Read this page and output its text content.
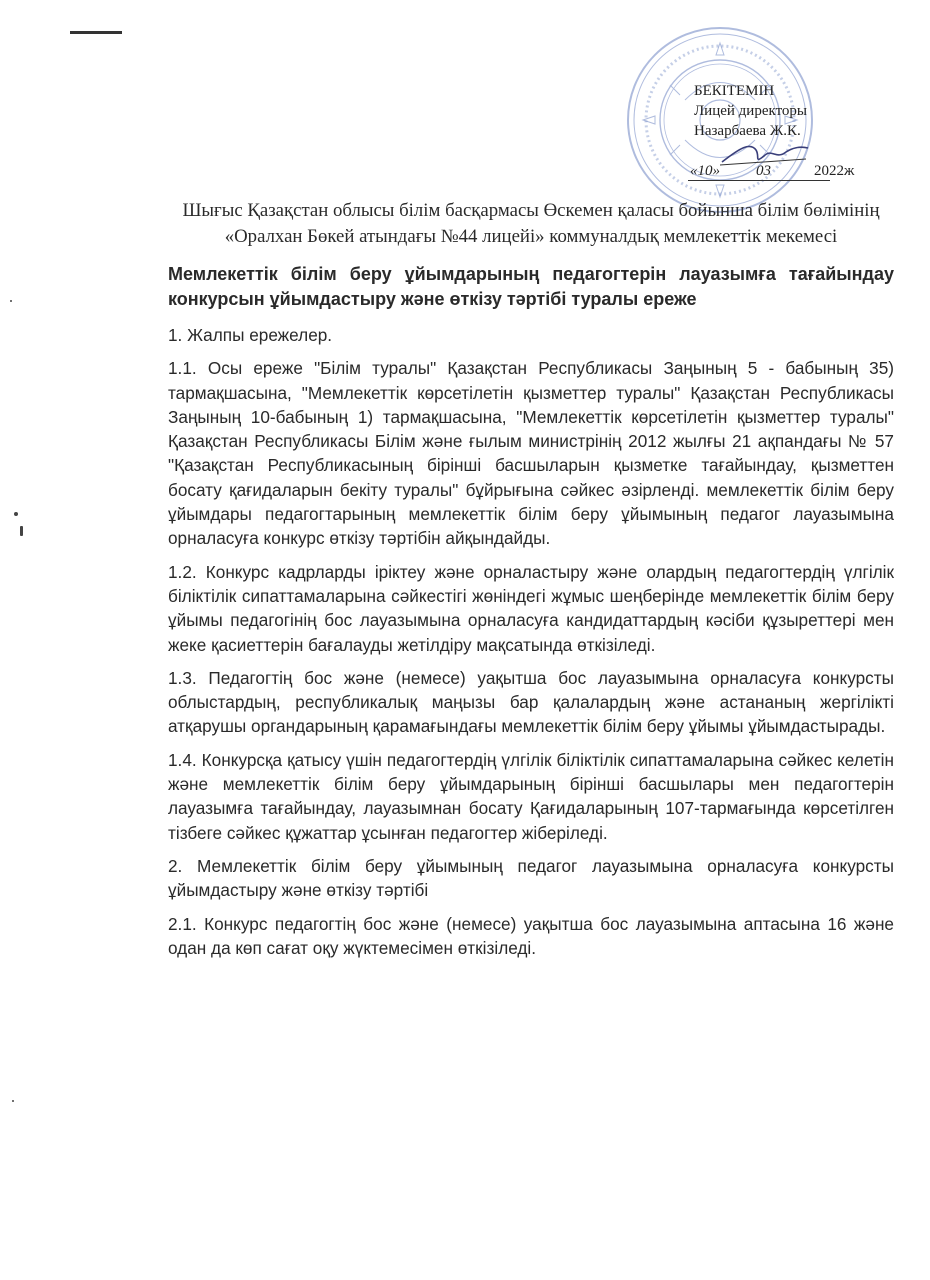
БЕКІТЕМІН
Лицей директоры
Назарбаева Ж.К.
«10» 03	2022ж
Шығыс Қазақстан облысы білім басқармасы Өскемен қаласы бойынша білім бөлімінің «Оралхан Бөкей атындағы №44 лицейі» коммуналдық мемлекеттік мекемесі
Мемлекеттік білім беру ұйымдарының педагогтерін лауазымға тағайындау конкурсын ұйымдастыру және өткізу тәртібі туралы ереже

1. Жалпы ережелер.

1.1. Осы ереже "Білім туралы" Қазақстан Республикасы Заңының 5 - бабының 35) тармақшасына, "Мемлекеттік көрсетілетін қызметтер туралы" Қазақстан Республикасы Заңының 10-бабының 1) тармақшасына, "Мемлекеттік көрсетілетін қызметтер туралы" Қазақстан Республикасы Білім және ғылым министрінің 2012 жылғы 21 ақпандағы № 57 "Қазақстан Республикасының бірінші басшыларын қызметке тағайындау, қызметтен босату қағидаларын бекіту туралы" бұйрығына сәйкес әзірленді. мемлекеттік білім беру ұйымдары педагогтарының мемлекеттік білім беру ұйымының педагог лауазымына орналасуға конкурс өткізу тәртібін айқындайды.

1.2. Конкурс кадрларды іріктеу және орналастыру және олардың педагогтердің үлгілік біліктілік сипаттамаларына сәйкестігі жөніндегі жұмыс шеңберінде мемлекеттік білім беру ұйымы педагогінің бос лауазымына орналасуға кандидаттардың кәсіби құзыреттері мен жеке қасиеттерін бағалауды жетілдіру мақсатында өткізіледі.

1.3. Педагогтің бос және (немесе) уақытша бос лауазымына орналасуға конкурсты облыстардың, республикалық маңызы бар қалалардың және астананың жергілікті атқарушы органдарының қарамағындағы мемлекеттік білім беру ұйымы ұйымдастырады.

1.4. Конкурсқа қатысу үшін педагогтердің үлгілік біліктілік сипаттамаларына сәйкес келетін және мемлекеттік білім беру ұйымдарының бірінші басшылары мен педагогтерін лауазымға тағайындау, лауазымнан босату Қағидаларының 107-тармағында көрсетілген тізбеге сәйкес құжаттар ұсынған педагогтер жіберіледі.

2. Мемлекеттік білім беру ұйымының педагог лауазымына орналасуға конкурсты ұйымдастыру және өткізу тәртібі

2.1. Конкурс педагогтің бос және (немесе) уақытша бос лауазымына аптасына 16 және одан да көп сағат оқу жүктемесімен өткізіледі.
